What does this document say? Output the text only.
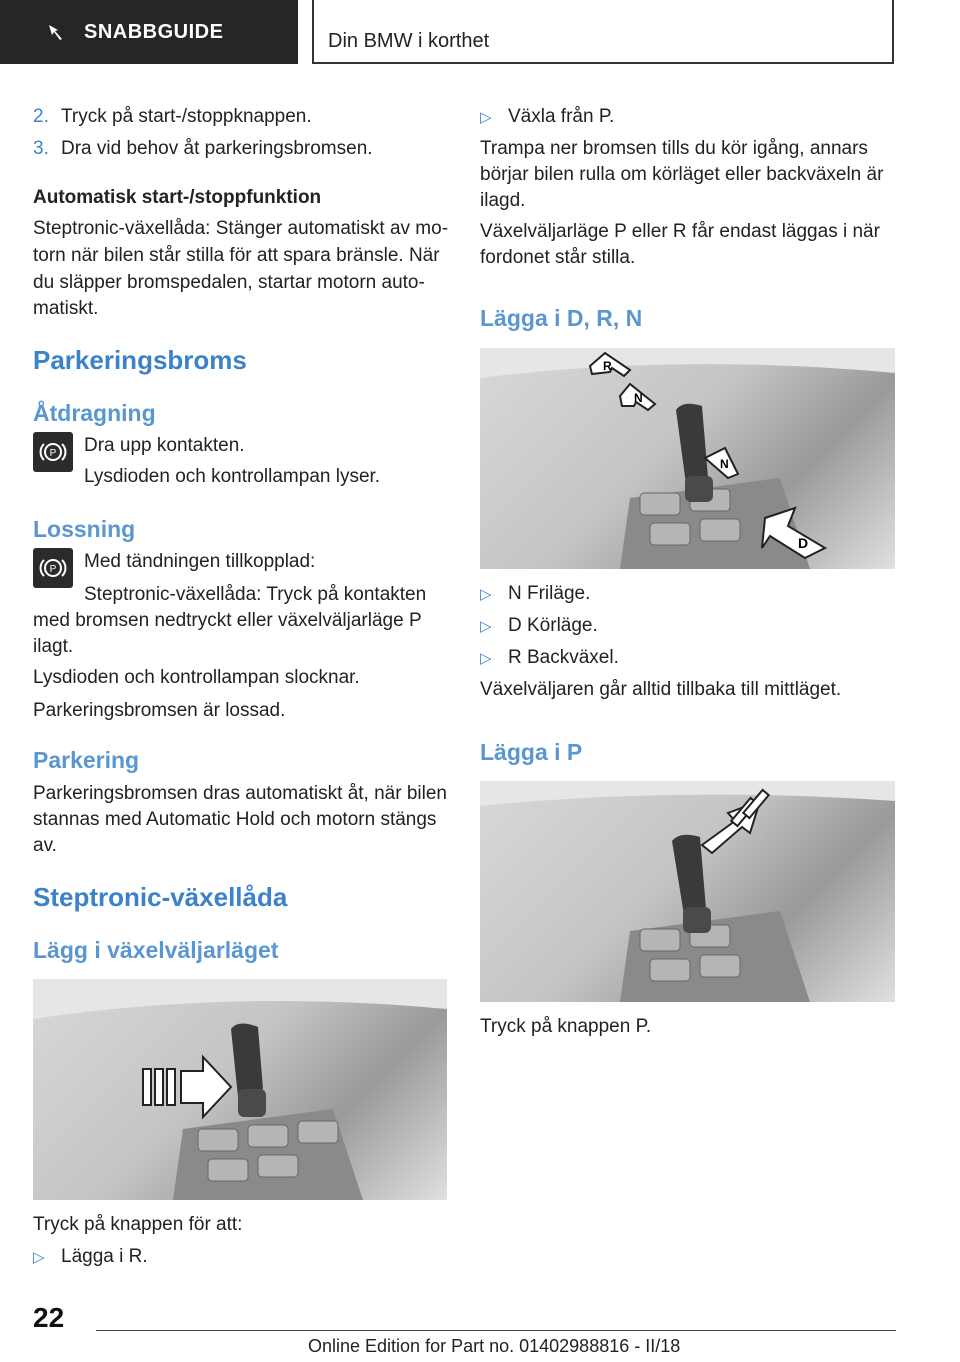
SNABBGUIDE	Din BMW i korthet
2. Tryck på start-/stoppknappen.
3. Dra vid behov åt parkeringsbromsen.
Automatisk start-/stoppfunktion
Steptronic-växellåda: Stänger automatiskt av mo‐
torn när bilen står stilla för att spara bränsle. När
du släpper bromspedalen, startar motorn auto‐
matiskt.
Parkeringsbroms
Åtdragning
P Dra upp kontakten.
Lysdioden och kontrollampan lyser.
Lossning
P Med tändningen tillkopplad:
Steptronic-växellåda: Tryck på kontakten
med bromsen nedtryckt eller växelväljarläge P
ilagt.
Lysdioden och kontrollampan slocknar.
Parkeringsbromsen är lossad.
Parkering
Parkeringsbromsen dras automatiskt åt, när bilen
stannas med Automatic Hold och motorn stängs
av.
Steptronic-växellåda
Lägg i växelväljarläget
Tryck på knappen för att:
▷ Lägga i R.
▷ Växla från P.
Trampa ner bromsen tills du kör igång, annars
börjar bilen rulla om körläget eller backväxeln är
ilagd.
Växelväljarläge P eller R får endast läggas i när
fordonet står stilla.
Lägga i D, R, N
R
N
N
D
▷ N Friläge.
▷ D Körläge.
▷ R Backväxel.
Växelväljaren går alltid tillbaka till mittläget.
Lägga i P
Tryck på knappen P.
22
Online Edition for Part no. 01402988816 - II/18
